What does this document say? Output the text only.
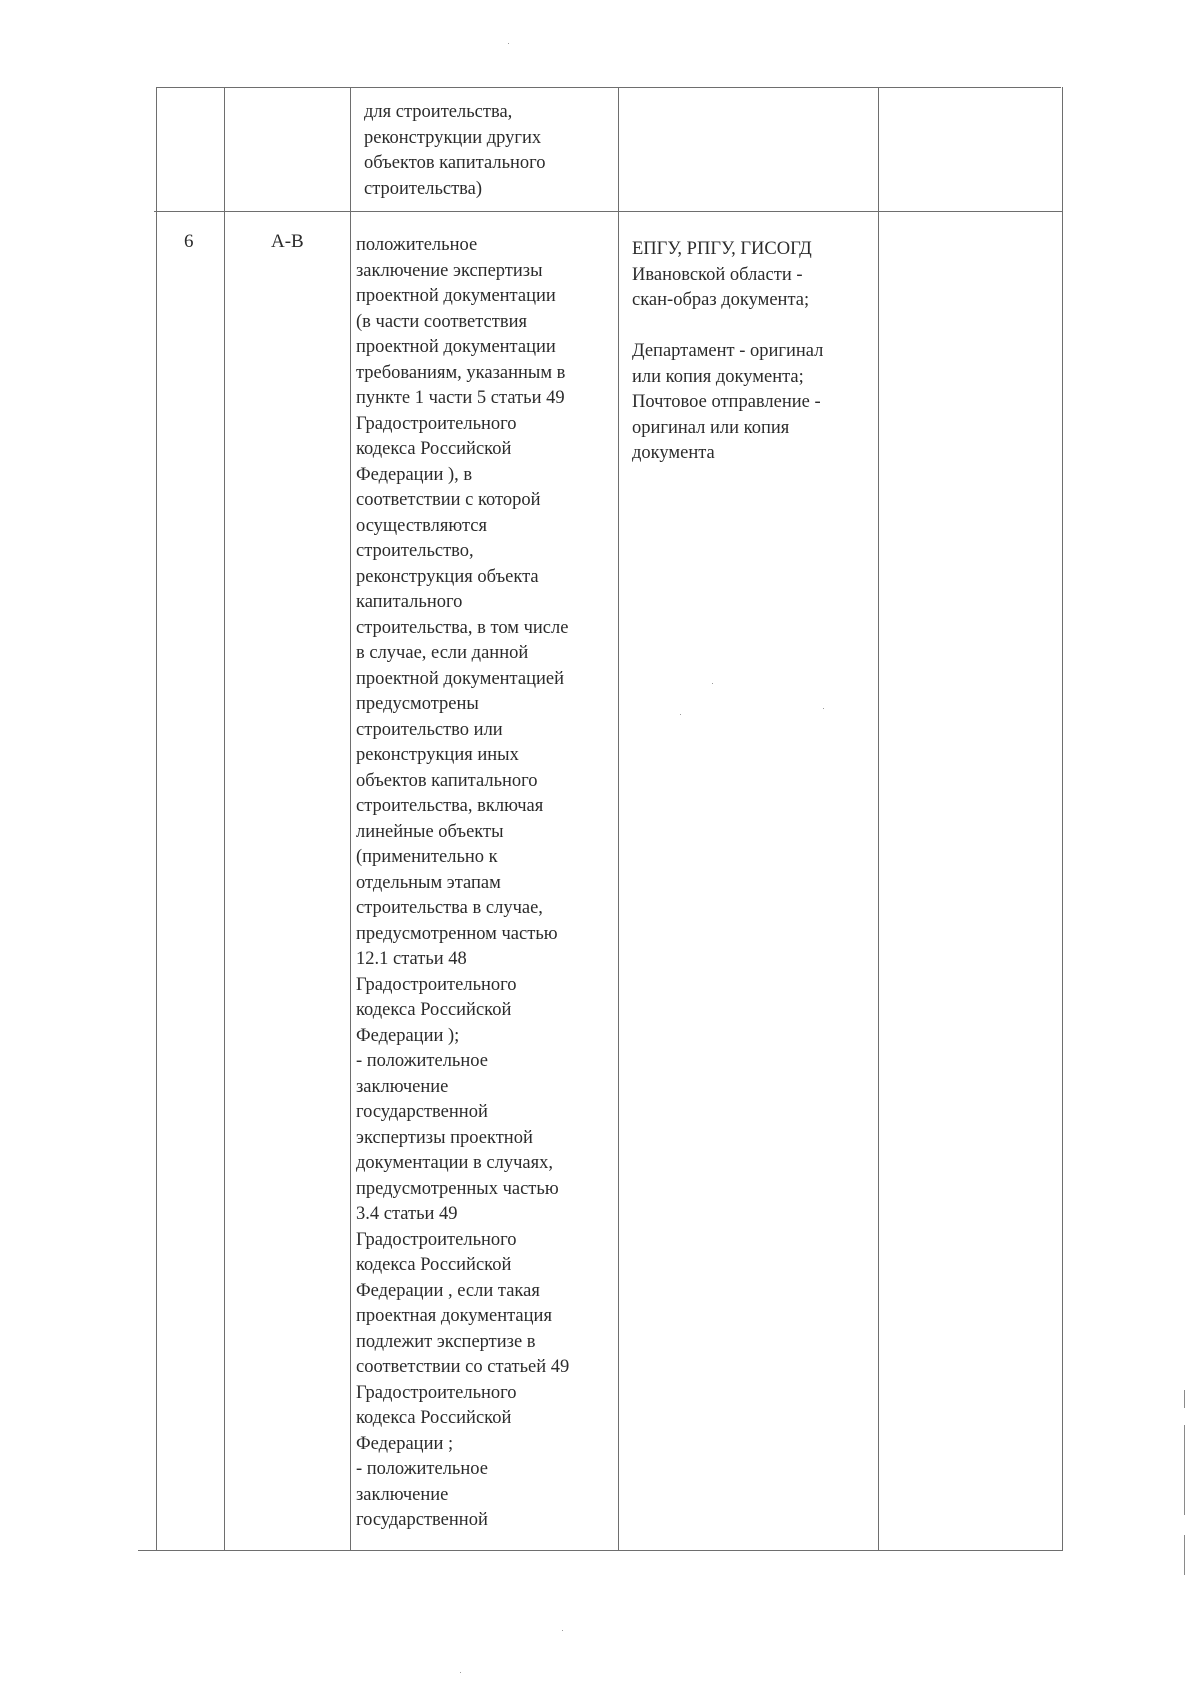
для строительства,
реконструкции других
объектов капитального
строительства)
6	А-В	положительное
заключение экспертизы
проектной документации
(в части соответствия
проектной документации
требованиям, указанным в
пункте 1 части 5 статьи 49
Градостроительного
кодекса Российской
Федерации ), в
соответствии с которой
осуществляются
строительство,
реконструкция объекта
капитального
строительства, в том числе
в случае, если данной
проектной документацией
предусмотрены
строительство или
реконструкция иных
объектов капитального
строительства, включая
линейные объекты
(применительно к
отдельным этапам
строительства в случае,
предусмотренном частью
12.1 статьи 48
Градостроительного
кодекса Российской
Федерации );
- положительное
заключение
государственной
экспертизы проектной
документации в случаях,
предусмотренных частью
3.4 статьи 49
Градостроительного
кодекса Российской
Федерации , если такая
проектная документация
подлежит экспертизе в
соответствии со статьей 49
Градостроительного
кодекса Российской
Федерации ;
- положительное
заключение
государственной
ЕПГУ, РПГУ, ГИСОГД
Ивановской области -
скан-образ документа;

Департамент - оригинал
или копия документа;
Почтовое отправление -
оригинал или копия
документа
